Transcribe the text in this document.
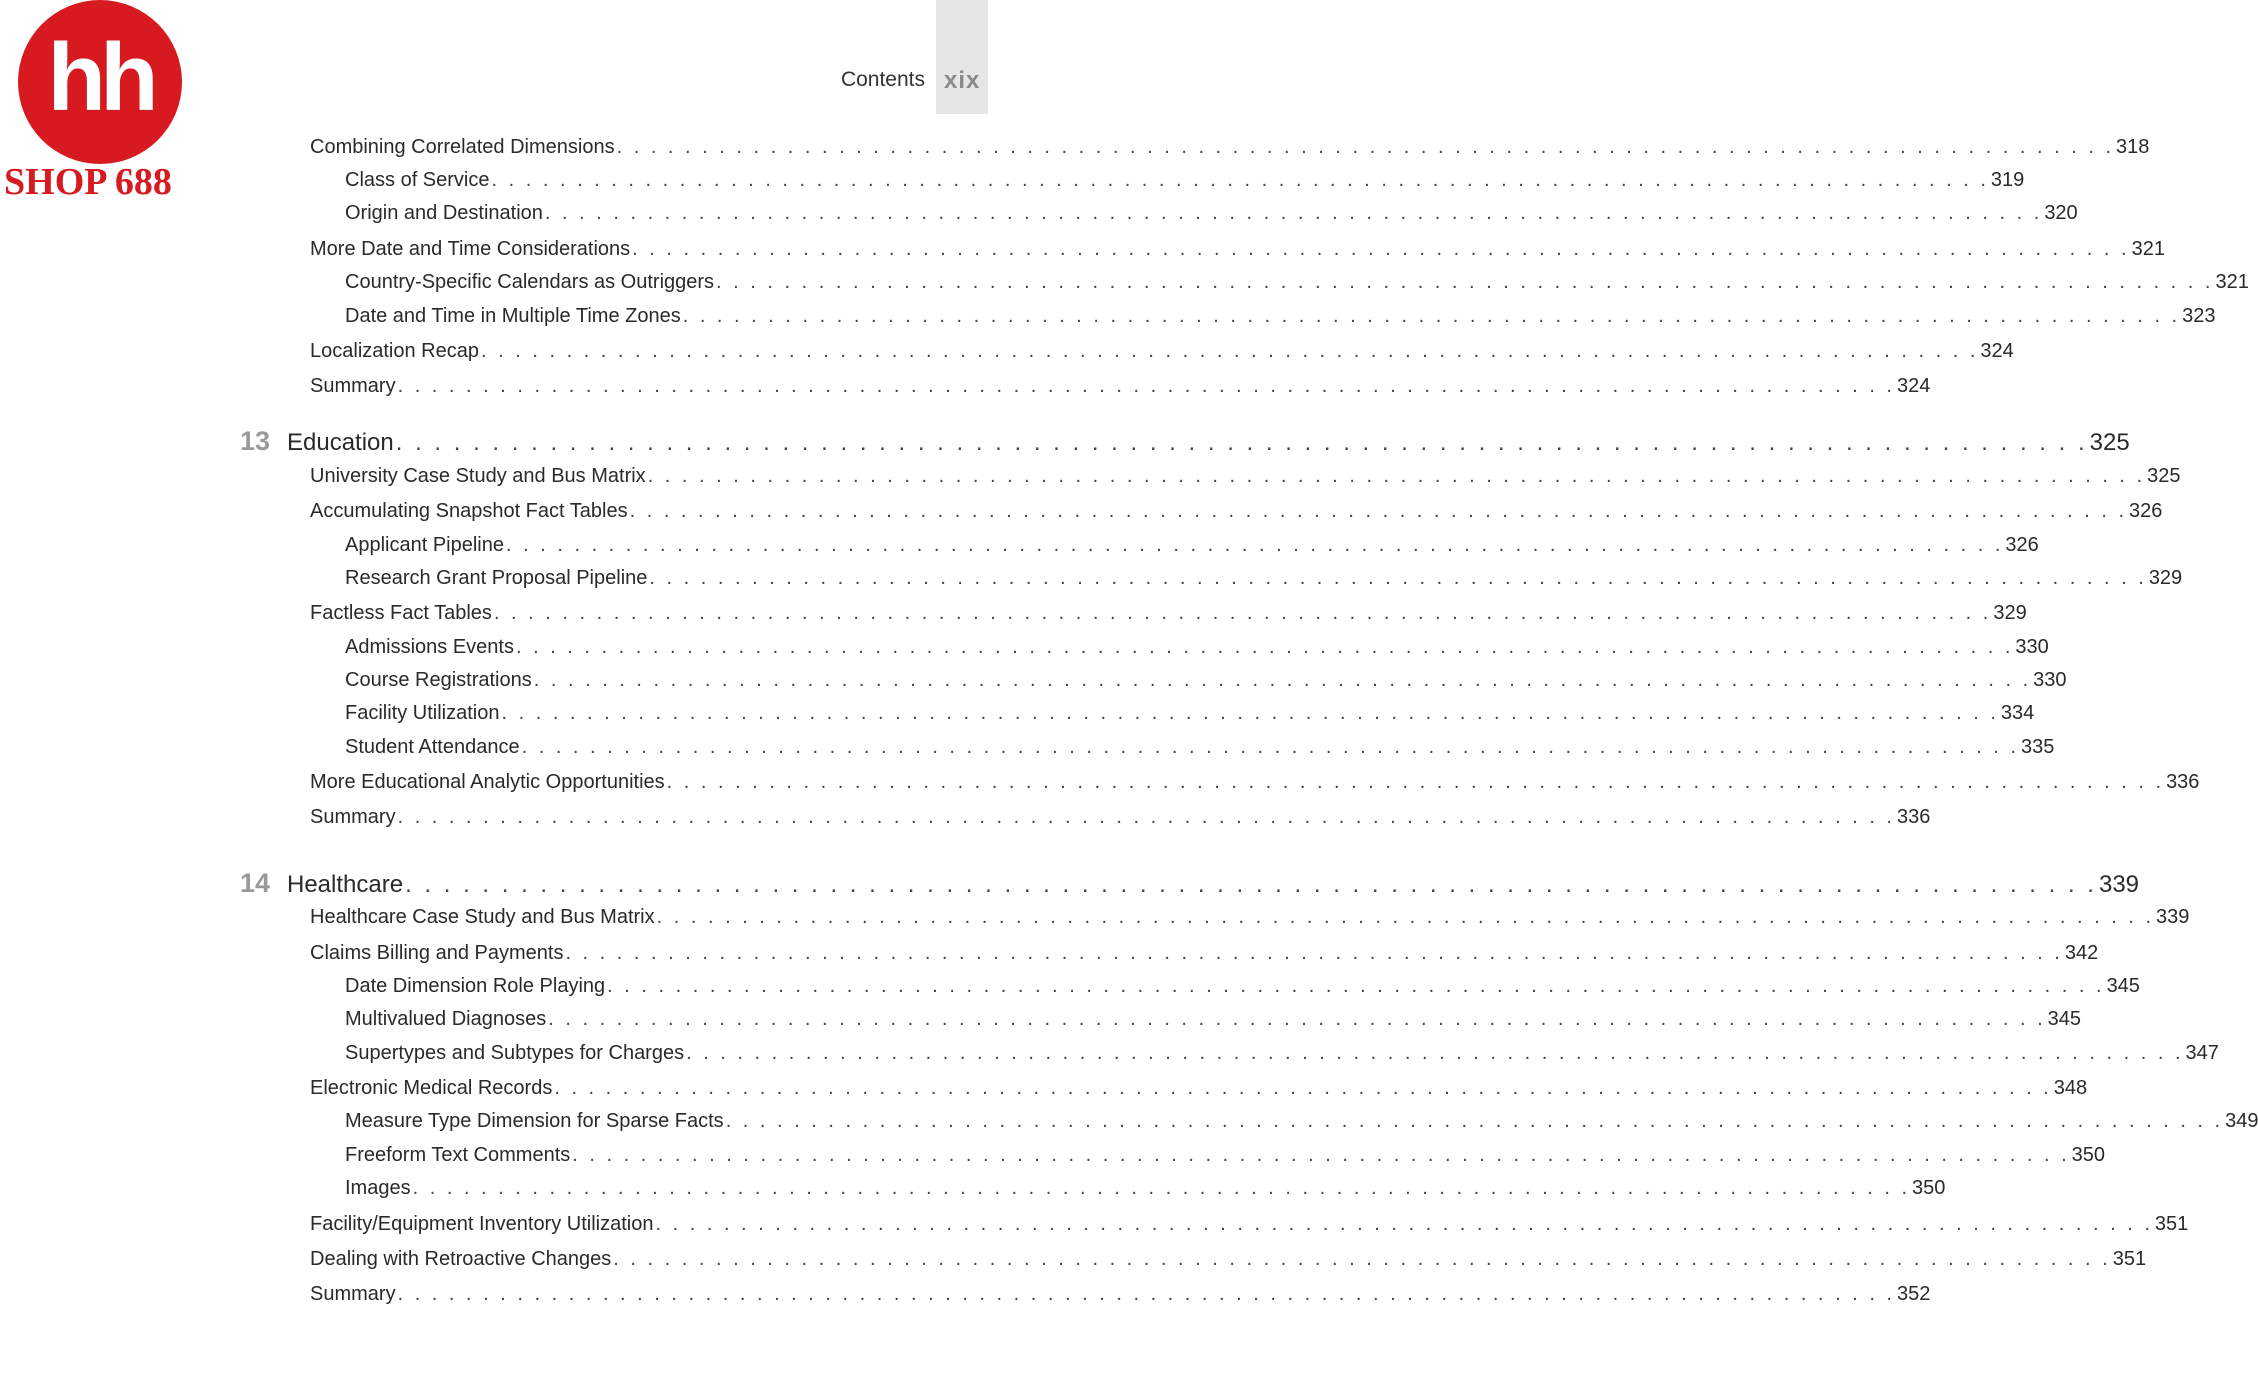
hh
SHOP 688
Contents xix
Combining Correlated Dimensions . . . . . . . . . . . . . . . . . . . . . . . . . . . . . . . . . . . . . . . . . . . . . . . . . . . . . . . . . . . . . . . . . . . . . . . . . . . . . . . . . . . . . . . . 318
Class of Service . . . . . . . . . . . . . . . . . . . . . . . . . . . . . . . . . . . . . . . . . . . . . . . . . . . . . . . . . . . . . . . . . . . . . . . . . . . . . . . . . . . . . . . . 319
Origin and Destination . . . . . . . . . . . . . . . . . . . . . . . . . . . . . . . . . . . . . . . . . . . . . . . . . . . . . . . . . . . . . . . . . . . . . . . . . . . . . . . . . . . . . . . . 320
More Date and Time Considerations . . . . . . . . . . . . . . . . . . . . . . . . . . . . . . . . . . . . . . . . . . . . . . . . . . . . . . . . . . . . . . . . . . . . . . . . . . . . . . . . . . . . . . . . 321
Country-Specific Calendars as Outriggers . . . . . . . . . . . . . . . . . . . . . . . . . . . . . . . . . . . . . . . . . . . . . . . . . . . . . . . . . . . . . . . . . . . . . . . . . . . . . . . . . . . . . . . . 321
Date and Time in Multiple Time Zones . . . . . . . . . . . . . . . . . . . . . . . . . . . . . . . . . . . . . . . . . . . . . . . . . . . . . . . . . . . . . . . . . . . . . . . . . . . . . . . . . . . . . . . . 323
Localization Recap . . . . . . . . . . . . . . . . . . . . . . . . . . . . . . . . . . . . . . . . . . . . . . . . . . . . . . . . . . . . . . . . . . . . . . . . . . . . . . . . . . . . . . . . 324
Summary . . . . . . . . . . . . . . . . . . . . . . . . . . . . . . . . . . . . . . . . . . . . . . . . . . . . . . . . . . . . . . . . . . . . . . . . . . . . . . . . . . . . . . . . 324
13 Education . . . . . . . . . . . . . . . . . . . . . . . . . . . . . . . . . . . . . . . . . . . . . . . . . . . . . . . . . . . . . . . . . . . . . . . . . . . . . . . . . . . . . . . . 325
University Case Study and Bus Matrix . . . . . . . . . . . . . . . . . . . . . . . . . . . . . . . . . . . . . . . . . . . . . . . . . . . . . . . . . . . . . . . . . . . . . . . . . . . . . . . . . . . . . . . . 325
Accumulating Snapshot Fact Tables . . . . . . . . . . . . . . . . . . . . . . . . . . . . . . . . . . . . . . . . . . . . . . . . . . . . . . . . . . . . . . . . . . . . . . . . . . . . . . . . . . . . . . . . 326
Applicant Pipeline . . . . . . . . . . . . . . . . . . . . . . . . . . . . . . . . . . . . . . . . . . . . . . . . . . . . . . . . . . . . . . . . . . . . . . . . . . . . . . . . . . . . . . . . 326
Research Grant Proposal Pipeline . . . . . . . . . . . . . . . . . . . . . . . . . . . . . . . . . . . . . . . . . . . . . . . . . . . . . . . . . . . . . . . . . . . . . . . . . . . . . . . . . . . . . . . . 329
Factless Fact Tables . . . . . . . . . . . . . . . . . . . . . . . . . . . . . . . . . . . . . . . . . . . . . . . . . . . . . . . . . . . . . . . . . . . . . . . . . . . . . . . . . . . . . . . . 329
Admissions Events . . . . . . . . . . . . . . . . . . . . . . . . . . . . . . . . . . . . . . . . . . . . . . . . . . . . . . . . . . . . . . . . . . . . . . . . . . . . . . . . . . . . . . . . 330
Course Registrations . . . . . . . . . . . . . . . . . . . . . . . . . . . . . . . . . . . . . . . . . . . . . . . . . . . . . . . . . . . . . . . . . . . . . . . . . . . . . . . . . . . . . . . . 330
Facility Utilization . . . . . . . . . . . . . . . . . . . . . . . . . . . . . . . . . . . . . . . . . . . . . . . . . . . . . . . . . . . . . . . . . . . . . . . . . . . . . . . . . . . . . . . . 334
Student Attendance . . . . . . . . . . . . . . . . . . . . . . . . . . . . . . . . . . . . . . . . . . . . . . . . . . . . . . . . . . . . . . . . . . . . . . . . . . . . . . . . . . . . . . . . 335
More Educational Analytic Opportunities . . . . . . . . . . . . . . . . . . . . . . . . . . . . . . . . . . . . . . . . . . . . . . . . . . . . . . . . . . . . . . . . . . . . . . . . . . . . . . . . . . . . . . . . 336
Summary . . . . . . . . . . . . . . . . . . . . . . . . . . . . . . . . . . . . . . . . . . . . . . . . . . . . . . . . . . . . . . . . . . . . . . . . . . . . . . . . . . . . . . . . 336
14 Healthcare . . . . . . . . . . . . . . . . . . . . . . . . . . . . . . . . . . . . . . . . . . . . . . . . . . . . . . . . . . . . . . . . . . . . . . . . . . . . . . . . . . . . . . . . 339
Healthcare Case Study and Bus Matrix . . . . . . . . . . . . . . . . . . . . . . . . . . . . . . . . . . . . . . . . . . . . . . . . . . . . . . . . . . . . . . . . . . . . . . . . . . . . . . . . . . . . . . . . 339
Claims Billing and Payments . . . . . . . . . . . . . . . . . . . . . . . . . . . . . . . . . . . . . . . . . . . . . . . . . . . . . . . . . . . . . . . . . . . . . . . . . . . . . . . . . . . . . . . . 342
Date Dimension Role Playing . . . . . . . . . . . . . . . . . . . . . . . . . . . . . . . . . . . . . . . . . . . . . . . . . . . . . . . . . . . . . . . . . . . . . . . . . . . . . . . . . . . . . . . . 345
Multivalued Diagnoses . . . . . . . . . . . . . . . . . . . . . . . . . . . . . . . . . . . . . . . . . . . . . . . . . . . . . . . . . . . . . . . . . . . . . . . . . . . . . . . . . . . . . . . . 345
Supertypes and Subtypes for Charges . . . . . . . . . . . . . . . . . . . . . . . . . . . . . . . . . . . . . . . . . . . . . . . . . . . . . . . . . . . . . . . . . . . . . . . . . . . . . . . . . . . . . . . . 347
Electronic Medical Records . . . . . . . . . . . . . . . . . . . . . . . . . . . . . . . . . . . . . . . . . . . . . . . . . . . . . . . . . . . . . . . . . . . . . . . . . . . . . . . . . . . . . . . . 348
Measure Type Dimension for Sparse Facts . . . . . . . . . . . . . . . . . . . . . . . . . . . . . . . . . . . . . . . . . . . . . . . . . . . . . . . . . . . . . . . . . . . . . . . . . . . . . . . . . . . . . . . . 349
Freeform Text Comments . . . . . . . . . . . . . . . . . . . . . . . . . . . . . . . . . . . . . . . . . . . . . . . . . . . . . . . . . . . . . . . . . . . . . . . . . . . . . . . . . . . . . . . . 350
Images . . . . . . . . . . . . . . . . . . . . . . . . . . . . . . . . . . . . . . . . . . . . . . . . . . . . . . . . . . . . . . . . . . . . . . . . . . . . . . . . . . . . . . . . 350
Facility/Equipment Inventory Utilization . . . . . . . . . . . . . . . . . . . . . . . . . . . . . . . . . . . . . . . . . . . . . . . . . . . . . . . . . . . . . . . . . . . . . . . . . . . . . . . . . . . . . . . . 351
Dealing with Retroactive Changes . . . . . . . . . . . . . . . . . . . . . . . . . . . . . . . . . . . . . . . . . . . . . . . . . . . . . . . . . . . . . . . . . . . . . . . . . . . . . . . . . . . . . . . . 351
Summary . . . . . . . . . . . . . . . . . . . . . . . . . . . . . . . . . . . . . . . . . . . . . . . . . . . . . . . . . . . . . . . . . . . . . . . . . . . . . . . . . . . . . . . . 352
